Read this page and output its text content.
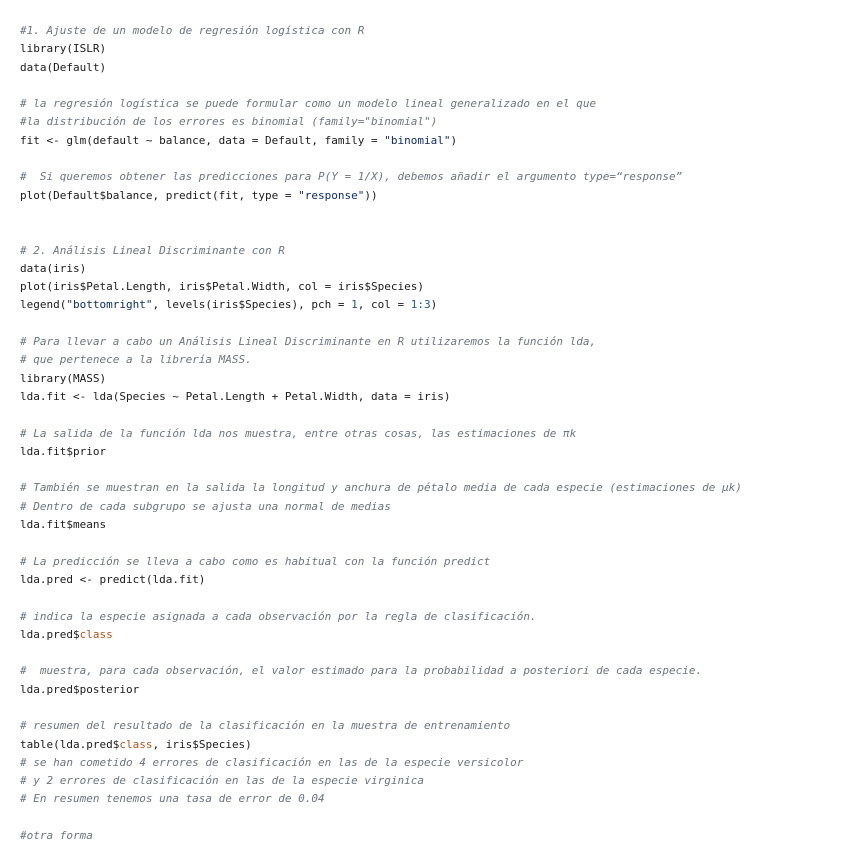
#1. Ajuste de un modelo de regresión logística con R
library(ISLR)
data(Default)
# la regresión logística se puede formular como un modelo lineal generalizado en el que
#la distribución de los errores es binomial (family="binomial")
fit <- glm(default ~ balance, data = Default, family = "binomial")
#  Si queremos obtener las predicciones para P(Y = 1/X), debemos añadir el argumento type=“response”
plot(Default$balance, predict(fit, type = "response"))
# 2. Análisis Lineal Discriminante con R
data(iris)
plot(iris$Petal.Length, iris$Petal.Width, col = iris$Species)
legend("bottomright", levels(iris$Species), pch = 1, col = 1:3)
# Para llevar a cabo un Análisis Lineal Discriminante en R utilizaremos la función lda,
# que pertenece a la librería MASS.
library(MASS)
lda.fit <- lda(Species ~ Petal.Length + Petal.Width, data = iris)
# La salida de la función lda nos muestra, entre otras cosas, las estimaciones de πk
lda.fit$prior
# También se muestran en la salida la longitud y anchura de pétalo media de cada especie (estimaciones de µk)
# Dentro de cada subgrupo se ajusta una normal de medias
lda.fit$means
# La predicción se lleva a cabo como es habitual con la función predict
lda.pred <- predict(lda.fit)
# indica la especie asignada a cada observación por la regla de clasificación.
lda.pred$class
#  muestra, para cada observación, el valor estimado para la probabilidad a posteriori de cada especie.
lda.pred$posterior
# resumen del resultado de la clasificación en la muestra de entrenamiento
table(lda.pred$class, iris$Species)
# se han cometido 4 errores de clasificación en las de la especie versicolor
# y 2 errores de clasificación en las de la especie virginica
# En resumen tenemos una tasa de error de 0.04
#otra forma
